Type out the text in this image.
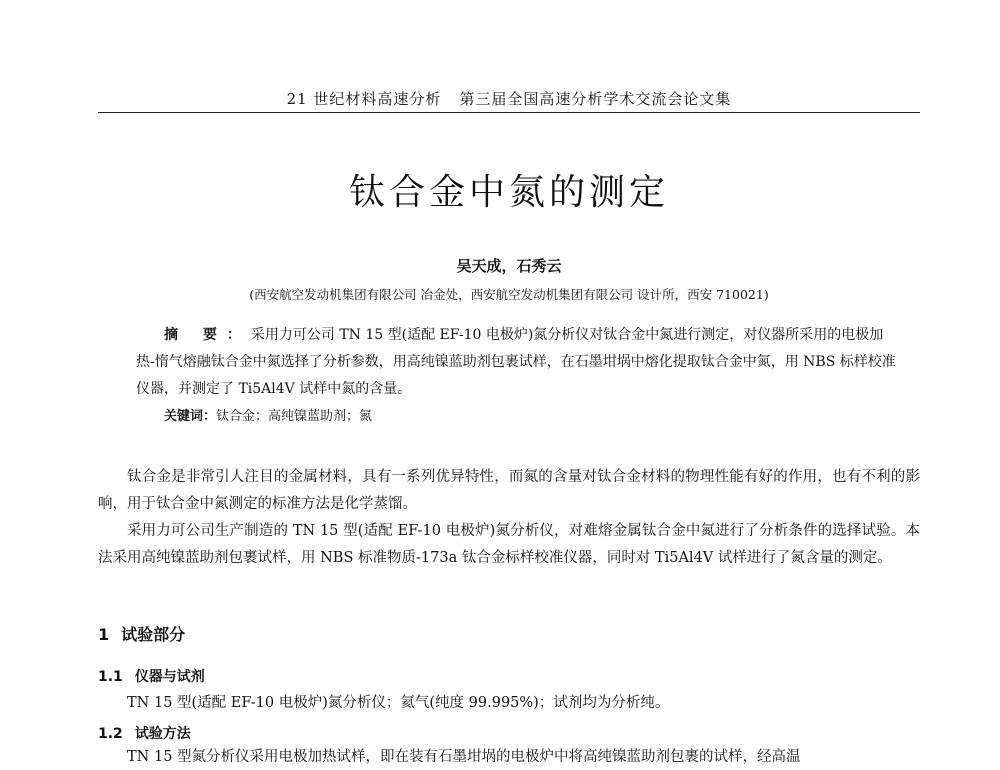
21 世纪材料高速分析 第三届全国高速分析学术交流会论文集
钛合金中氮的测定
吴天成，石秀云
(西安航空发动机集团有限公司 冶金处，西安航空发动机集团有限公司 设计所，西安 710021)

摘 要：采用力可公司 TN 15 型(适配 EF-10 电极炉)氮分析仪对钛合金中氮进行测定，对仪器所采用的电极加热-惰气熔融钛合金中氮选择了分析参数，用高纯镍蓝助剂包裹试样，在石墨坩埚中熔化提取钛合金中氮，用 NBS 标样校准仪器，并测定了 Ti5Al4V 试样中氮的含量。

关键词：钛合金；高纯镍蓝助剂；氮

钛合金是非常引人注目的金属材料，具有一系列优异特性，而氮的含量对钛合金材料的物理性能有好的作用，也有不利的影响，用于钛合金中氮测定的标准方法是化学蒸馏。

采用力可公司生产制造的 TN 15 型(适配 EF-10 电极炉)氮分析仪，对难熔金属钛合金中氮进行了分析条件的选择试验。本法采用高纯镍蓝助剂包裹试样，用 NBS 标准物质-173a 钛合金标样校准仪器，同时对 Ti5Al4V 试样进行了氮含量的测定。

1 试验部分
1.1 仪器与试剂
TN 15 型(适配 EF-10 电极炉)氮分析仪；氦气(纯度 99.995%)；试剂均为分析纯。
1.2 试验方法
TN 15 型氮分析仪采用电极加热试样，即在装有石墨坩埚的电极炉中将高纯镍蓝助剂包裹的试样，经高温
